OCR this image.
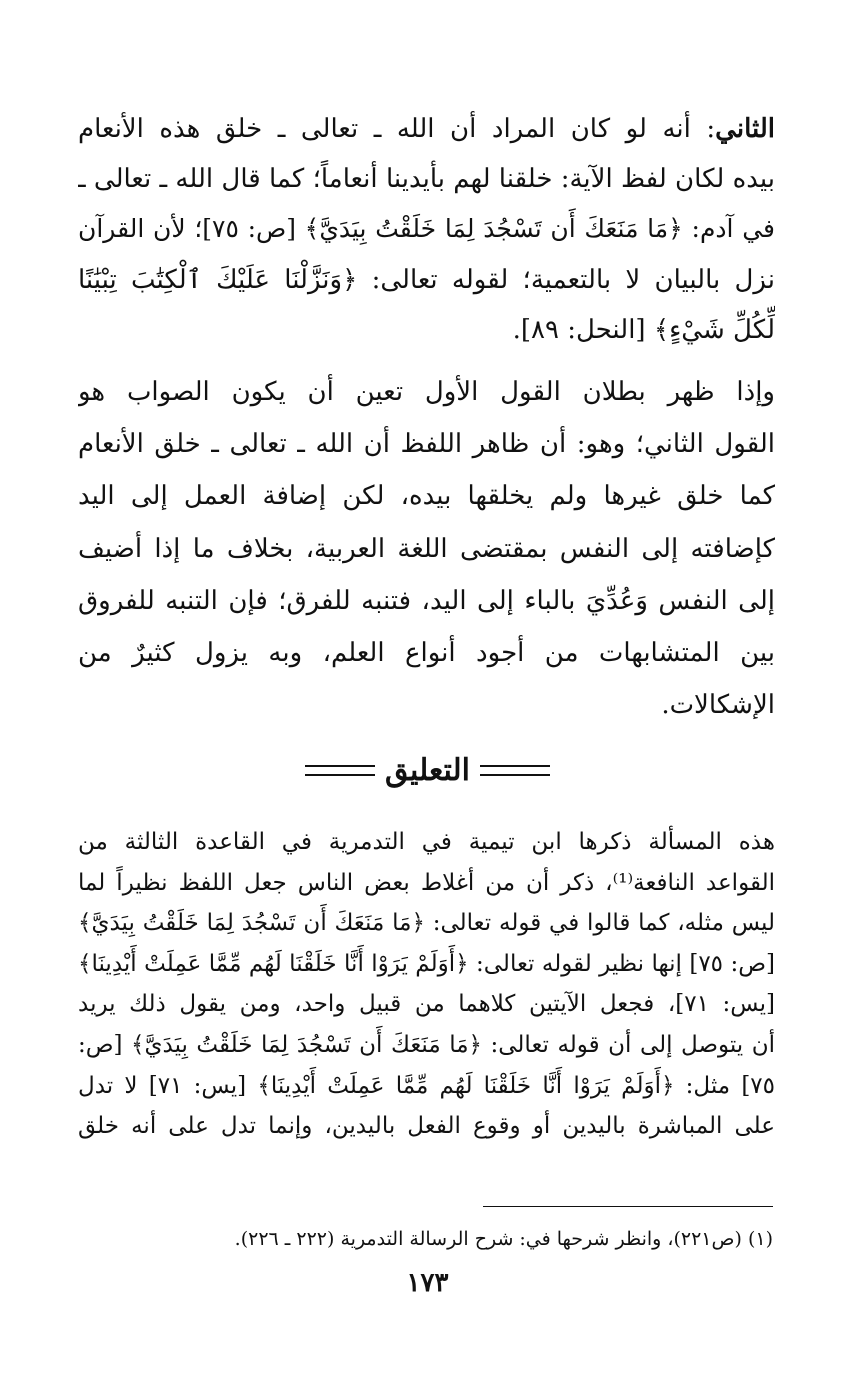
الثاني: أنه لو كان المراد أن الله ـ تعالى ـ خلق هذه الأنعام
بيده لكان لفظ الآية: خلقنا لهم بأيدينا أنعاماً؛ كما قال الله ـ تعالى ـ
في آدم: ﴿مَا مَنَعَكَ أَن تَسْجُدَ لِمَا خَلَقْتُ بِيَدَيَّ﴾ [ص: ٧٥]؛ لأن القرآن
نزل بالبيان لا بالتعمية؛ لقوله تعالى: ﴿وَنَزَّلْنَا عَلَيْكَ ٱلْكِتَٰبَ تِبْيَٰنًا
لِّكُلِّ شَيْءٍ﴾ [النحل: ٨٩].
وإذا ظهر بطلان القول الأول تعين أن يكون الصواب هو
القول الثاني؛ وهو: أن ظاهر اللفظ أن الله ـ تعالى ـ خلق الأنعام
كما خلق غيرها ولم يخلقها بيده، لكن إضافة العمل إلى اليد
كإضافته إلى النفس بمقتضى اللغة العربية، بخلاف ما إذا أضيف
إلى النفس وَعُدِّيَ بالباء إلى اليد، فتنبه للفرق؛ فإن التنبه للفروق
بين المتشابهات من أجود أنواع العلم، وبه يزول كثيرٌ من
الإشكالات.
التعليق
هذه المسألة ذكرها ابن تيمية في التدمرية في القاعدة الثالثة من
القواعد النافعة⁽¹⁾، ذكر أن من أغلاط بعض الناس جعل اللفظ نظيراً لما
ليس مثله، كما قالوا في قوله تعالى: ﴿مَا مَنَعَكَ أَن تَسْجُدَ لِمَا خَلَقْتُ بِيَدَيَّ﴾
[ص: ٧٥] إنها نظير لقوله تعالى: ﴿أَوَلَمْ يَرَوْا أَنَّا خَلَقْنَا لَهُم مِّمَّا عَمِلَتْ أَيْدِينَا﴾
[يس: ٧١]، فجعل الآيتين كلاهما من قبيل واحد، ومن يقول ذلك يريد
أن يتوصل إلى أن قوله تعالى: ﴿مَا مَنَعَكَ أَن تَسْجُدَ لِمَا خَلَقْتُ بِيَدَيَّ﴾ [ص:
٧٥] مثل: ﴿أَوَلَمْ يَرَوْا أَنَّا خَلَقْنَا لَهُم مِّمَّا عَمِلَتْ أَيْدِينَا﴾ [يس: ٧١] لا تدل
على المباشرة باليدين أو وقوع الفعل باليدين، وإنما تدل على أنه خلق
(١) (ص٢٢١)، وانظر شرحها في: شرح الرسالة التدمرية (٢٢٢ ـ ٢٢٦).
١٧٣
